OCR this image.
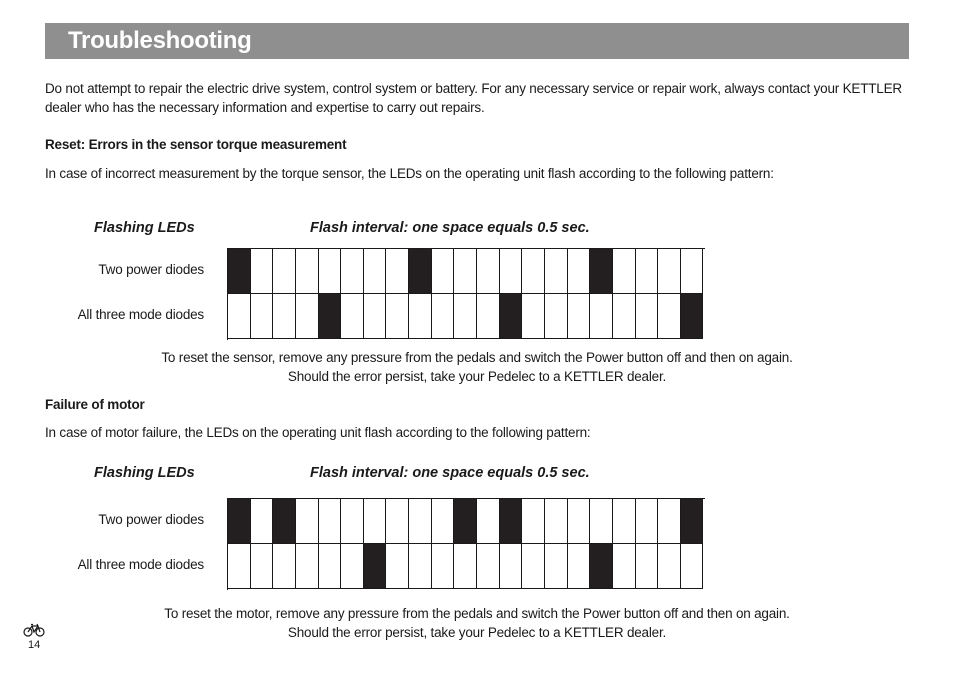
Troubleshooting
Do not attempt to repair the electric drive system, control system or battery. For any necessary service or repair work, always contact your KETTLER dealer who has the necessary information and expertise to carry out repairs.
Reset: Errors in the sensor torque measurement
In case of incorrect measurement by the torque sensor, the LEDs on the operating unit flash according to the following pattern:
Flashing LEDs	Flash interval: one space equals 0.5 sec.
Two power diodes
All three mode diodes
To reset the sensor, remove any pressure from the pedals and switch the Power button off and then on again.
Should the error persist, take your Pedelec to a KETTLER dealer.
Failure of motor
In case of motor failure, the LEDs on the operating unit flash according to the following pattern:
Flashing LEDs	Flash interval: one space equals 0.5 sec.
Two power diodes
All three mode diodes
To reset the motor, remove any pressure from the pedals and switch the Power button off and then on again.
Should the error persist, take your Pedelec to a KETTLER dealer.
14
